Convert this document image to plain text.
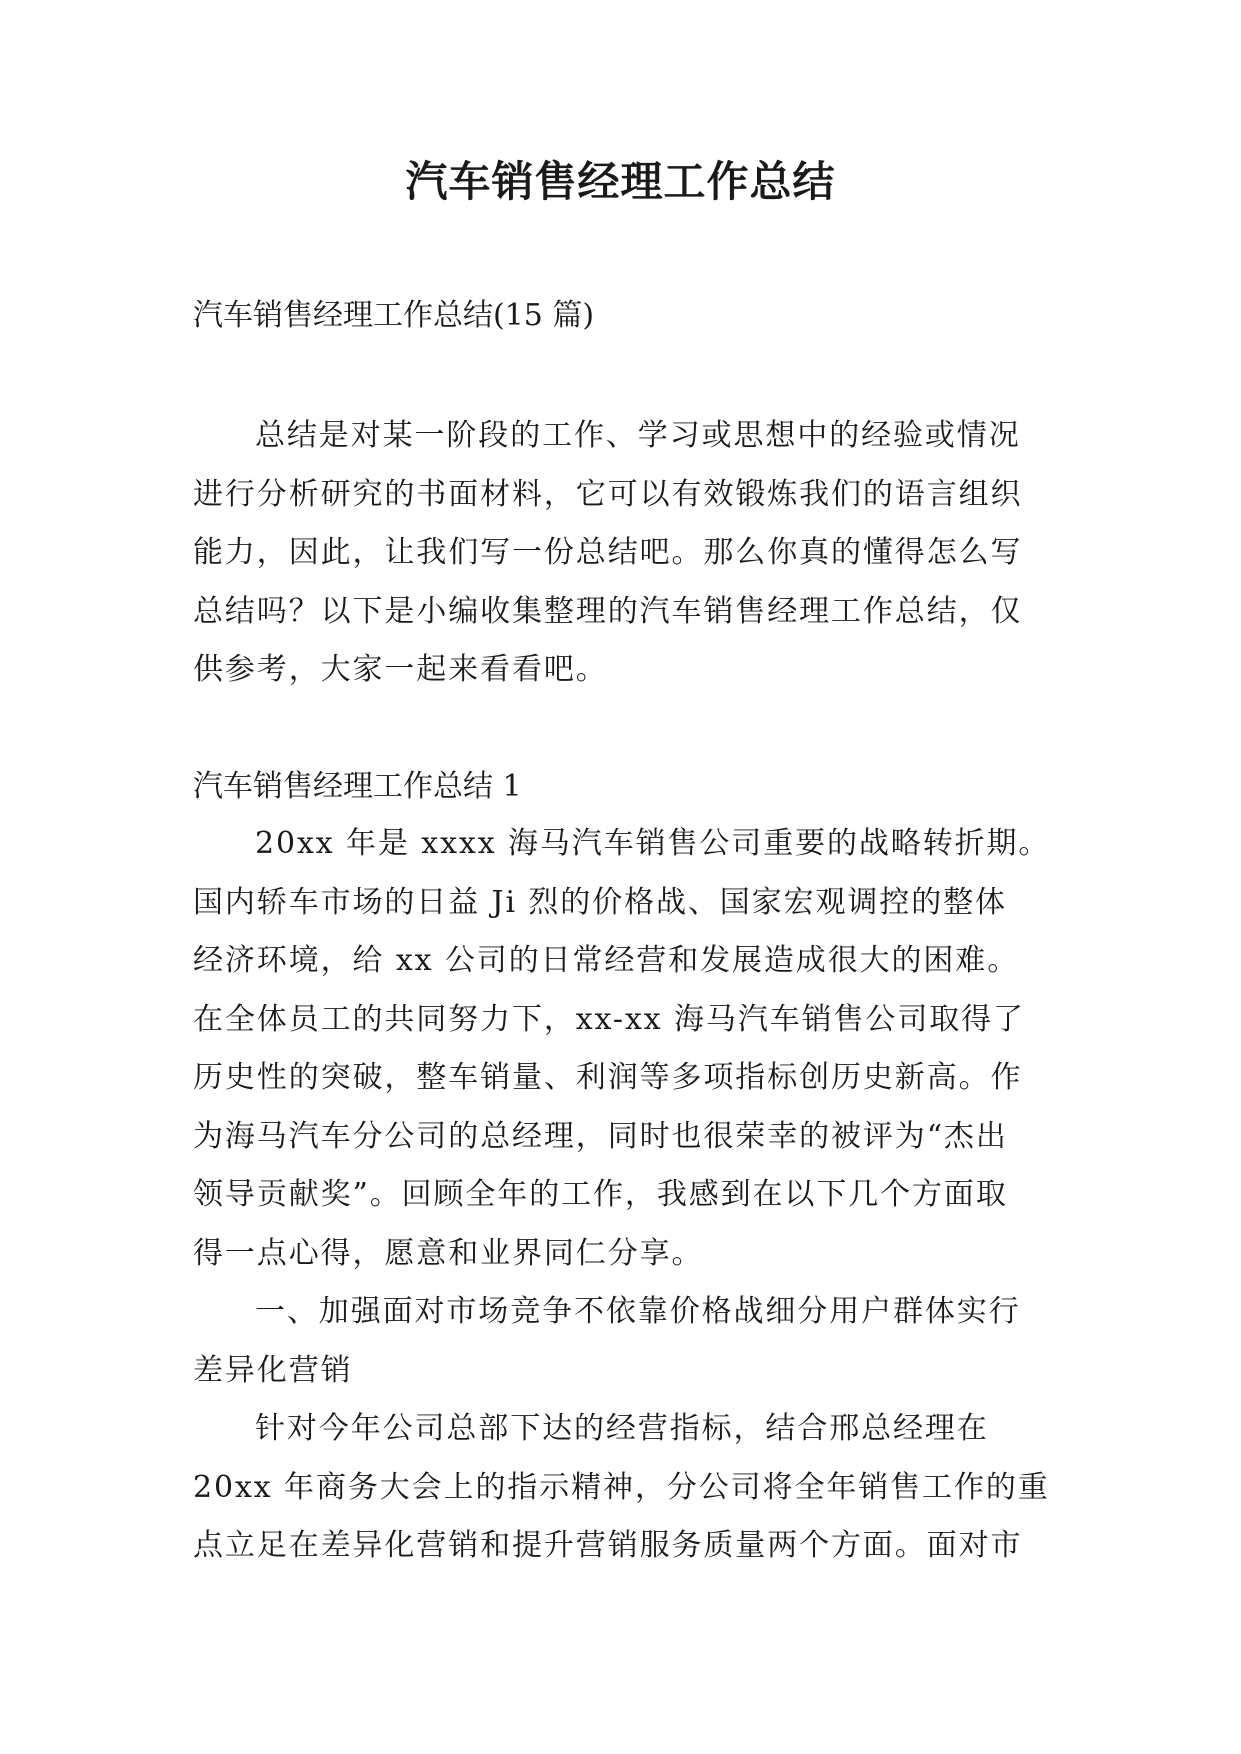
汽车销售经理工作总结

汽车销售经理工作总结(15 篇)

总结是对某一阶段的工作、学习或思想中的经验或情况
进行分析研究的书面材料，它可以有效锻炼我们的语言组织
能力，因此，让我们写一份总结吧。那么你真的懂得怎么写
总结吗？以下是小编收集整理的汽车销售经理工作总结，仅
供参考，大家一起来看看吧。

汽车销售经理工作总结 1

20xx 年是 xxxx 海马汽车销售公司重要的战略转折期。
国内轿车市场的日益 Ji 烈的价格战、国家宏观调控的整体
经济环境，给 xx 公司的日常经营和发展造成很大的困难。
在全体员工的共同努力下，xx-xx 海马汽车销售公司取得了
历史性的突破，整车销量、利润等多项指标创历史新高。作
为海马汽车分公司的总经理，同时也很荣幸的被评为“杰出
领导贡献奖”。回顾全年的工作，我感到在以下几个方面取
得一点心得，愿意和业界同仁分享。
一、加强面对市场竞争不依靠价格战细分用户群体实行
差异化营销
针对今年公司总部下达的经营指标，结合邢总经理在
20xx 年商务大会上的指示精神，分公司将全年销售工作的重
点立足在差异化营销和提升营销服务质量两个方面。面对市
